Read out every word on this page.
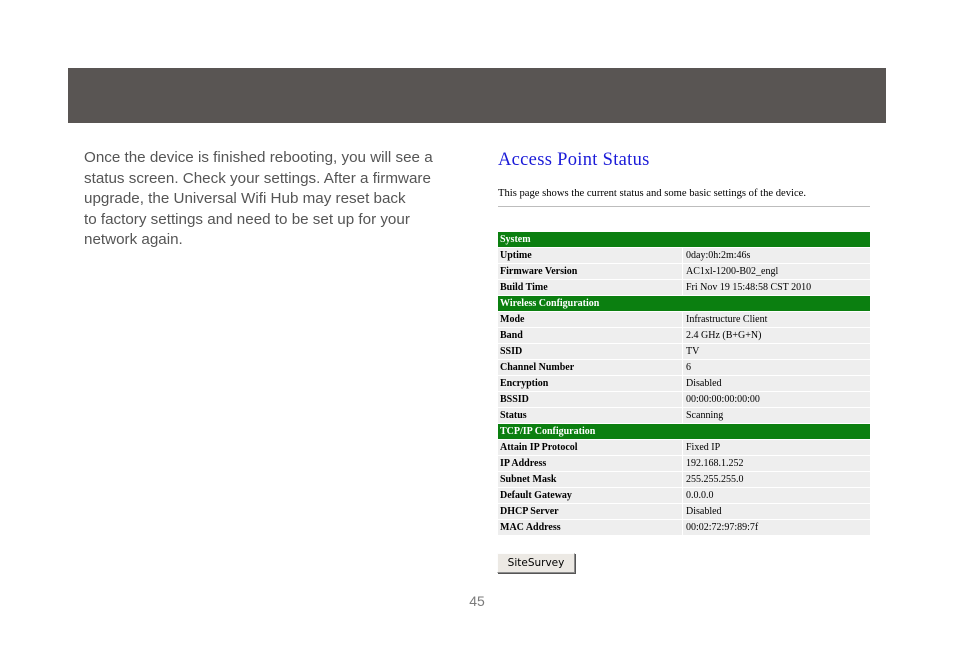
Once the device is finished rebooting, you will see a
status screen. Check your settings. After a firmware
upgrade, the Universal Wifi Hub may reset back
to factory settings and need to be set up for your
network again.

Access Point Status

This page shows the current status and some basic settings of the device.

System	
Uptime	0day:0h:2m:46s
Firmware Version	AC1xl-1200-B02_engl
Build Time	Fri Nov 19 15:48:58 CST 2010
Wireless Configuration	
Mode	Infrastructure Client
Band	2.4 GHz (B+G+N)
SSID	TV
Channel Number	6
Encryption	Disabled
BSSID	00:00:00:00:00:00
Status	Scanning
TCP/IP Configuration	
Attain IP Protocol	Fixed IP
IP Address	192.168.1.252
Subnet Mask	255.255.255.0
Default Gateway	0.0.0.0
DHCP Server	Disabled
MAC Address	00:02:72:97:89:7f
SiteSurvey
45
